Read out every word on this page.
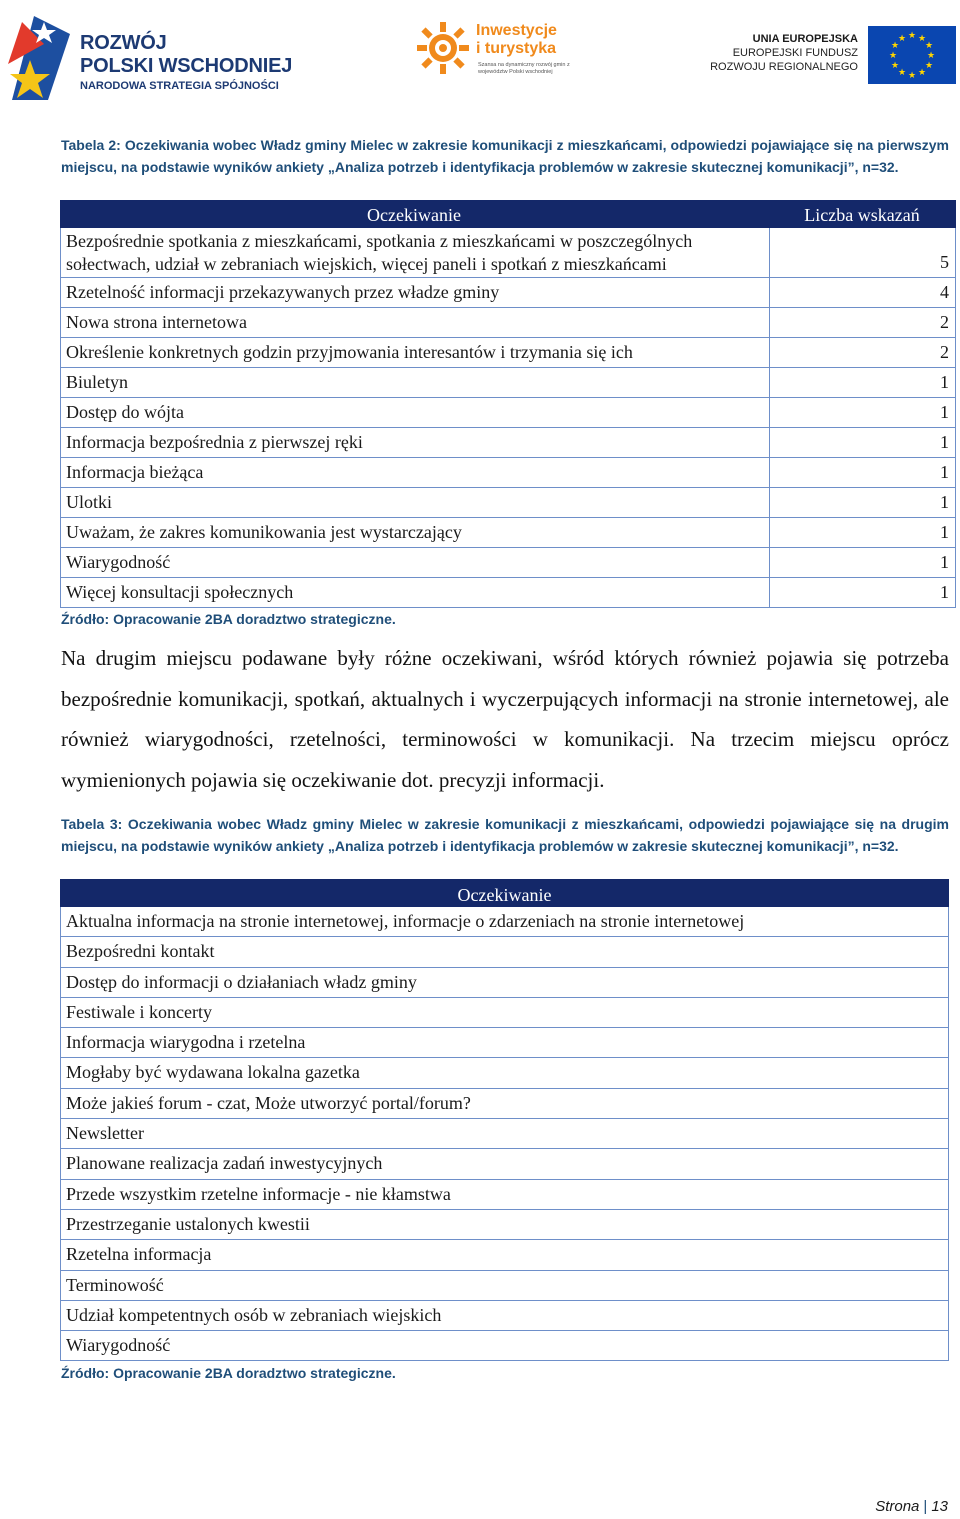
ROZWÓJ
POLSKI WSCHODNIEJ
NARODOWA STRATEGIA SPÓJNOŚCI
Inwestycje
i turystyka
Szansa na dynamiczny rozwój gmin z województw Polski wschodniej
UNIA EUROPEJSKA
EUROPEJSKI FUNDUSZ
ROZWOJU REGIONALNEGO
★ ★
★
★
★
★
★
★
★
★
★
★
Tabela 2: Oczekiwania wobec Władz gminy Mielec w zakresie komunikacji z mieszkańcami, odpowiedzi pojawiające się na pierwszym miejscu, na podstawie wyników ankiety „Analiza potrzeb i identyfikacja problemów w zakresie skutecznej komunikacji”, n=32.
Oczekiwanie	Liczba wskazań
Bezpośrednie spotkania z mieszkańcami, spotkania z mieszkańcami w poszczególnych sołectwach, udział w zebraniach wiejskich, więcej paneli i spotkań z mieszkańcami	5
Rzetelność informacji przekazywanych przez władze gminy	4
Nowa strona internetowa	2
Określenie konkretnych godzin przyjmowania interesantów i trzymania się ich	2
Biuletyn	1
Dostęp do wójta	1
Informacja bezpośrednia z pierwszej ręki	1
Informacja bieżąca	1
Ulotki	1
Uważam, że zakres komunikowania jest wystarczający	1
Wiarygodność	1
Więcej konsultacji społecznych	1
Źródło: Opracowanie 2BA doradztwo strategiczne.
Na drugim miejscu podawane były różne oczekiwani, wśród których również pojawia się potrzeba bezpośrednie komunikacji, spotkań, aktualnych i wyczerpujących informacji na stronie internetowej, ale również wiarygodności, rzetelności, terminowości w komunikacji. Na trzecim miejscu oprócz wymienionych pojawia się oczekiwanie dot. precyzji informacji.
Tabela 3: Oczekiwania wobec Władz gminy Mielec w zakresie komunikacji z mieszkańcami, odpowiedzi pojawiające się na drugim miejscu, na podstawie wyników ankiety „Analiza potrzeb i identyfikacja problemów w zakresie skutecznej komunikacji”, n=32.
Oczekiwanie
Aktualna informacja na stronie internetowej, informacje o zdarzeniach na stronie internetowej
Bezpośredni kontakt
Dostęp do informacji o działaniach władz gminy
Festiwale i koncerty
Informacja wiarygodna i rzetelna
Mogłaby być wydawana lokalna gazetka
Może jakieś forum - czat, Może utworzyć portal/forum?
Newsletter
Planowane realizacja zadań inwestycyjnych
Przede wszystkim rzetelne informacje - nie kłamstwa
Przestrzeganie ustalonych kwestii
Rzetelna informacja
Terminowość
Udział kompetentnych osób w zebraniach wiejskich
Wiarygodność
Źródło: Opracowanie 2BA doradztwo strategiczne.
Strona | 13
